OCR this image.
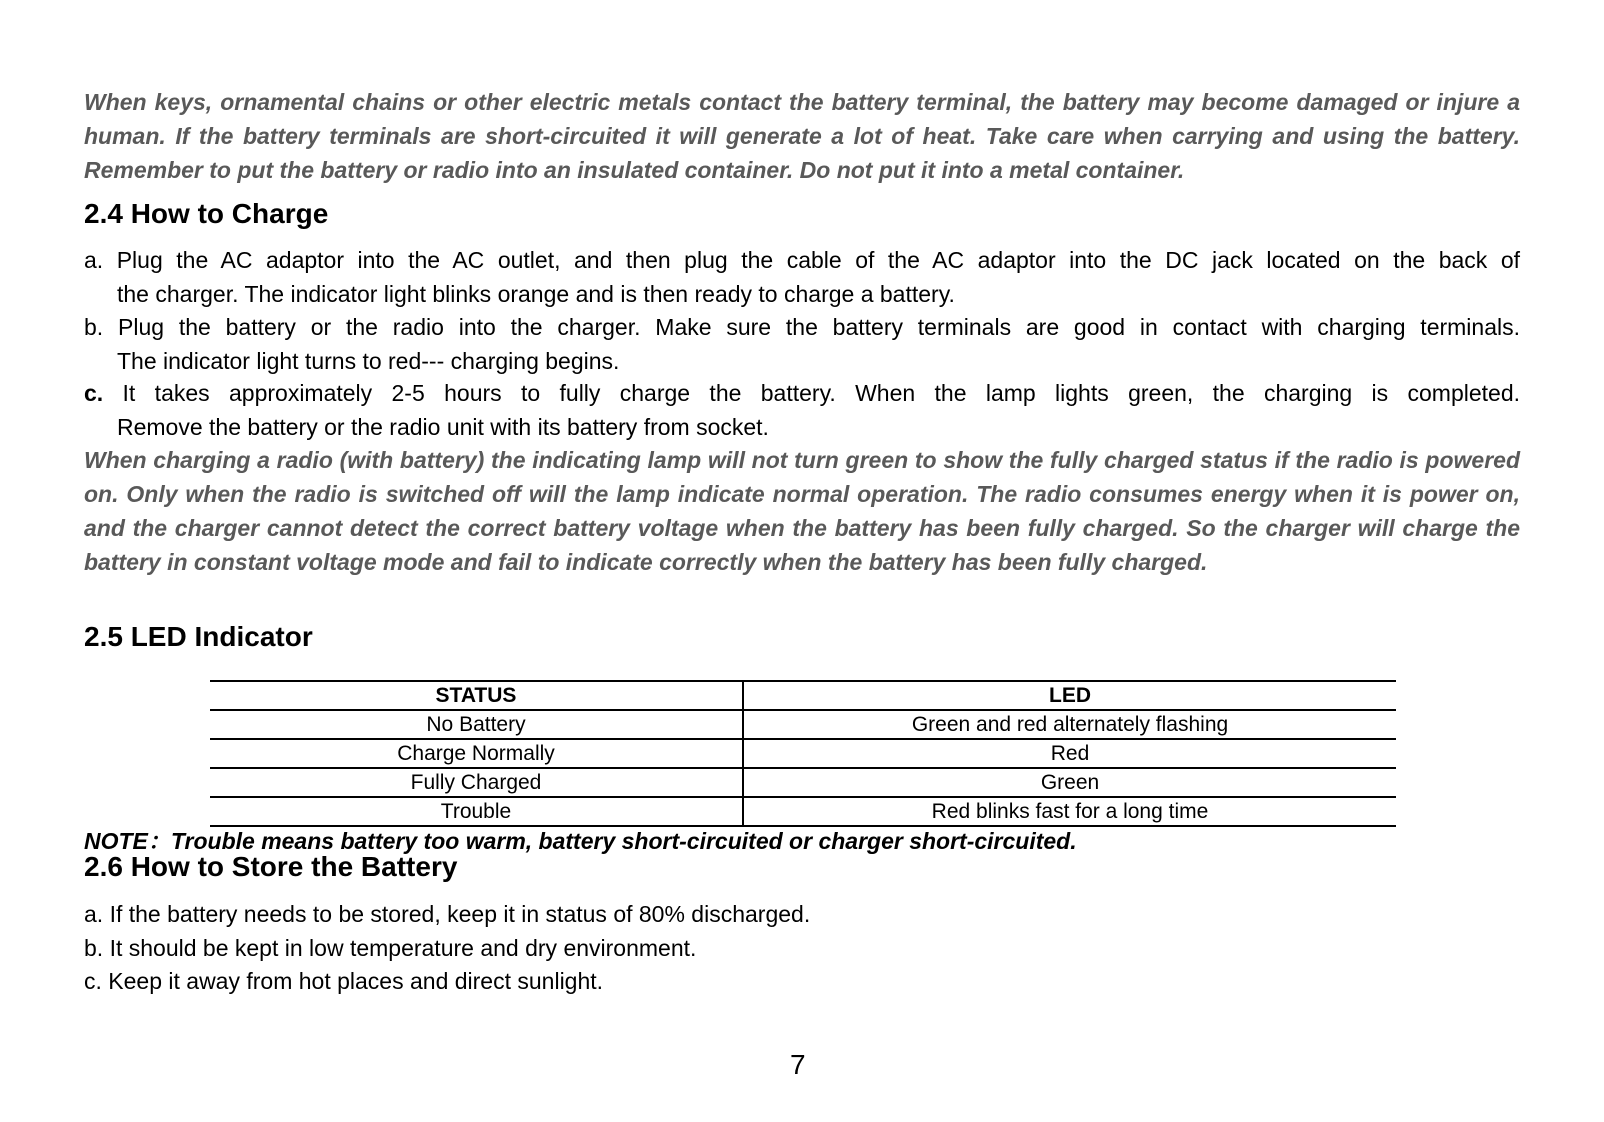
When keys, ornamental chains or other electric metals contact the battery terminal, the battery may become damaged or injure a human. If the battery terminals are short-circuited it will generate a lot of heat. Take care when carrying and using the battery. Remember to put the battery or radio into an insulated container. Do not put it into a metal container.

2.4 How to Charge
a. Plug the AC adaptor into the AC outlet, and then plug the cable of the AC adaptor into the DC jack located on the back of
the charger. The indicator light blinks orange and is then ready to charge a battery.
b. Plug the battery or the radio into the charger. Make sure the battery terminals are good in contact with charging terminals.
The indicator light turns to red--- charging begins.
c. It takes approximately 2-5 hours to fully charge the battery. When the lamp lights green, the charging is completed.
Remove the battery or the radio unit with its battery from socket.

When charging a radio (with battery) the indicating lamp will not turn green to show the fully charged status if the radio is powered on. Only when the radio is switched off will the lamp indicate normal operation. The radio consumes energy when it is power on, and the charger cannot detect the correct battery voltage when the battery has been fully charged. So the charger will charge the battery in constant voltage mode and fail to indicate correctly when the battery has been fully charged.

2.5 LED Indicator
STATUS	LED
No Battery	Green and red alternately flashing
Charge Normally	Red
Fully Charged	Green
Trouble	Red blinks fast for a long time

NOTE：Trouble means battery too warm, battery short-circuited or charger short-circuited.

2.6 How to Store the Battery

a. If the battery needs to be stored, keep it in status of 80% discharged.

b. It should be kept in low temperature and dry environment.

c. Keep it away from hot places and direct sunlight.

7
